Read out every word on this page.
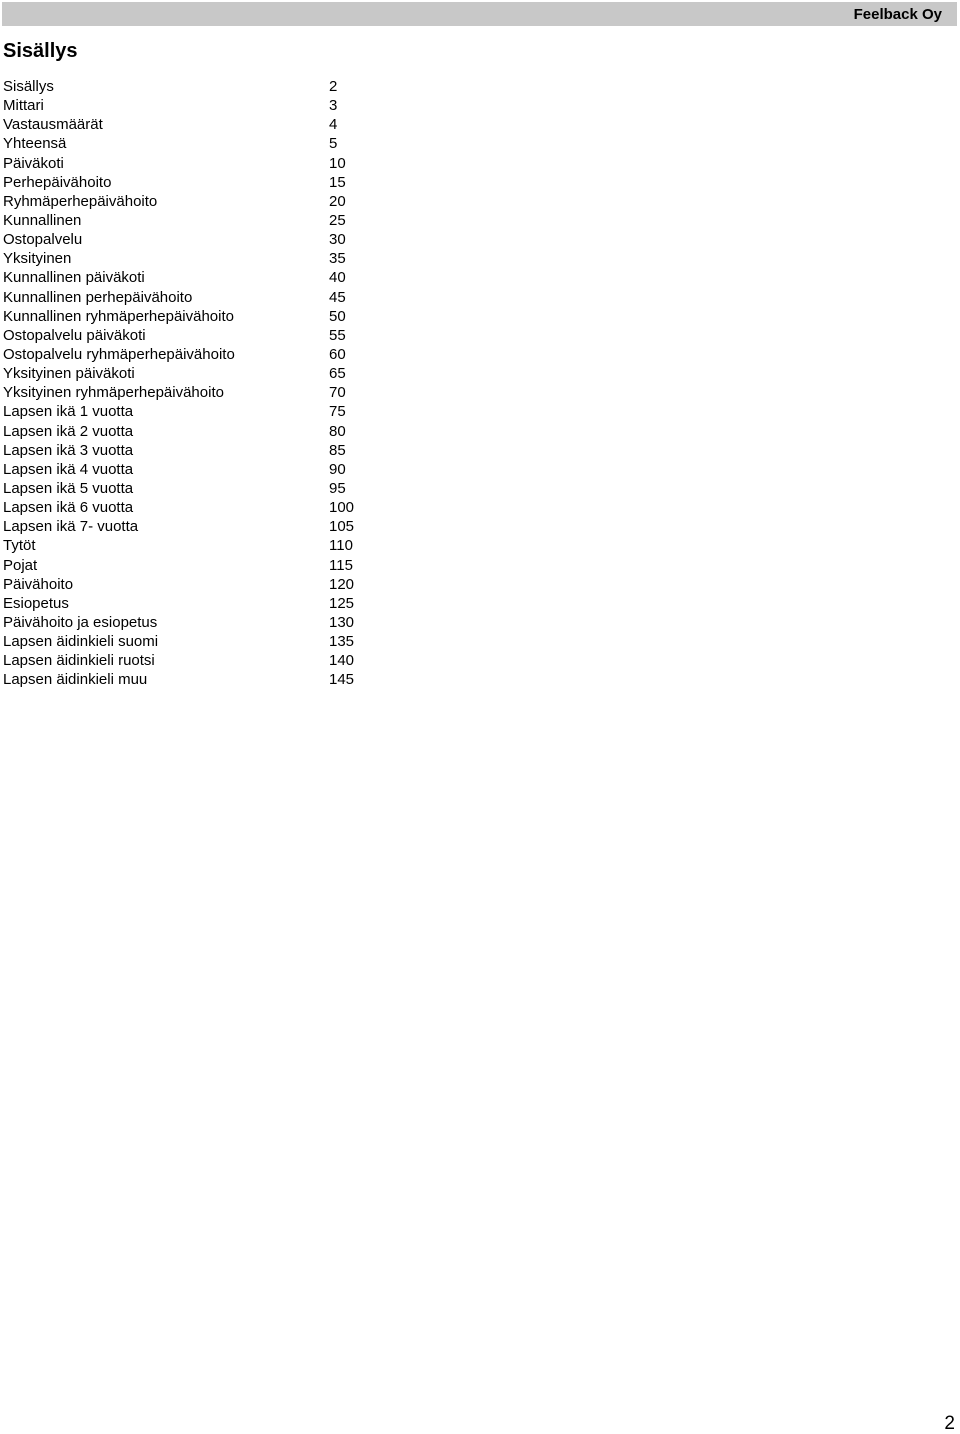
Feelback Oy
Sisällys
Sisällys	2
Mittari	3
Vastausmäärät	4
Yhteensä	5
Päiväkoti	10
Perhepäivähoito	15
Ryhmäperhepäivähoito	20
Kunnallinen	25
Ostopalvelu	30
Yksityinen	35
Kunnallinen päiväkoti	40
Kunnallinen perhepäivähoito	45
Kunnallinen ryhmäperhepäivähoito	50
Ostopalvelu päiväkoti	55
Ostopalvelu ryhmäperhepäivähoito	60
Yksityinen päiväkoti	65
Yksityinen ryhmäperhepäivähoito	70
Lapsen ikä 1 vuotta	75
Lapsen ikä 2 vuotta	80
Lapsen ikä 3 vuotta	85
Lapsen ikä 4 vuotta	90
Lapsen ikä 5 vuotta	95
Lapsen ikä 6 vuotta	100
Lapsen ikä 7- vuotta	105
Tytöt	110
Pojat	115
Päivähoito	120
Esiopetus	125
Päivähoito ja esiopetus	130
Lapsen äidinkieli suomi	135
Lapsen äidinkieli ruotsi	140
Lapsen äidinkieli muu	145
2
